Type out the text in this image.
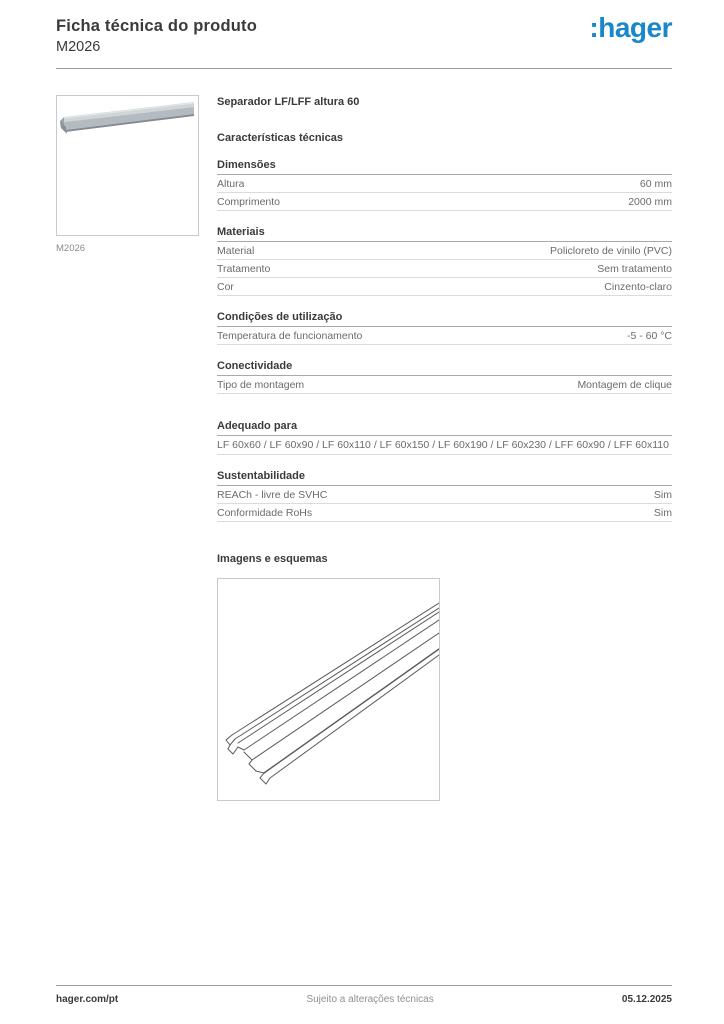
Ficha técnica do produto
M2026
:hager
M2026
Separador LF/LFF altura 60
Características técnicas
Dimensões
Altura	60 mm
Comprimento	2000 mm
Materiais
Material	Policloreto de vinilo (PVC)
Tratamento	Sem tratamento
Cor	Cinzento-claro
Condições de utilização
Temperatura de funcionamento	-5 - 60 °C
Conectividade
Tipo de montagem	Montagem de clique
Adequado para
LF 60x60 / LF 60x90 / LF 60x110 / LF 60x150 / LF 60x190 / LF 60x230 / LFF 60x90 / LFF 60x110
Sustentabilidade
REACh - livre de SVHC	Sim
Conformidade RoHs	Sim
Imagens e esquemas
hager.com/pt	Sujeito a alterações técnicas	05.12.2025
